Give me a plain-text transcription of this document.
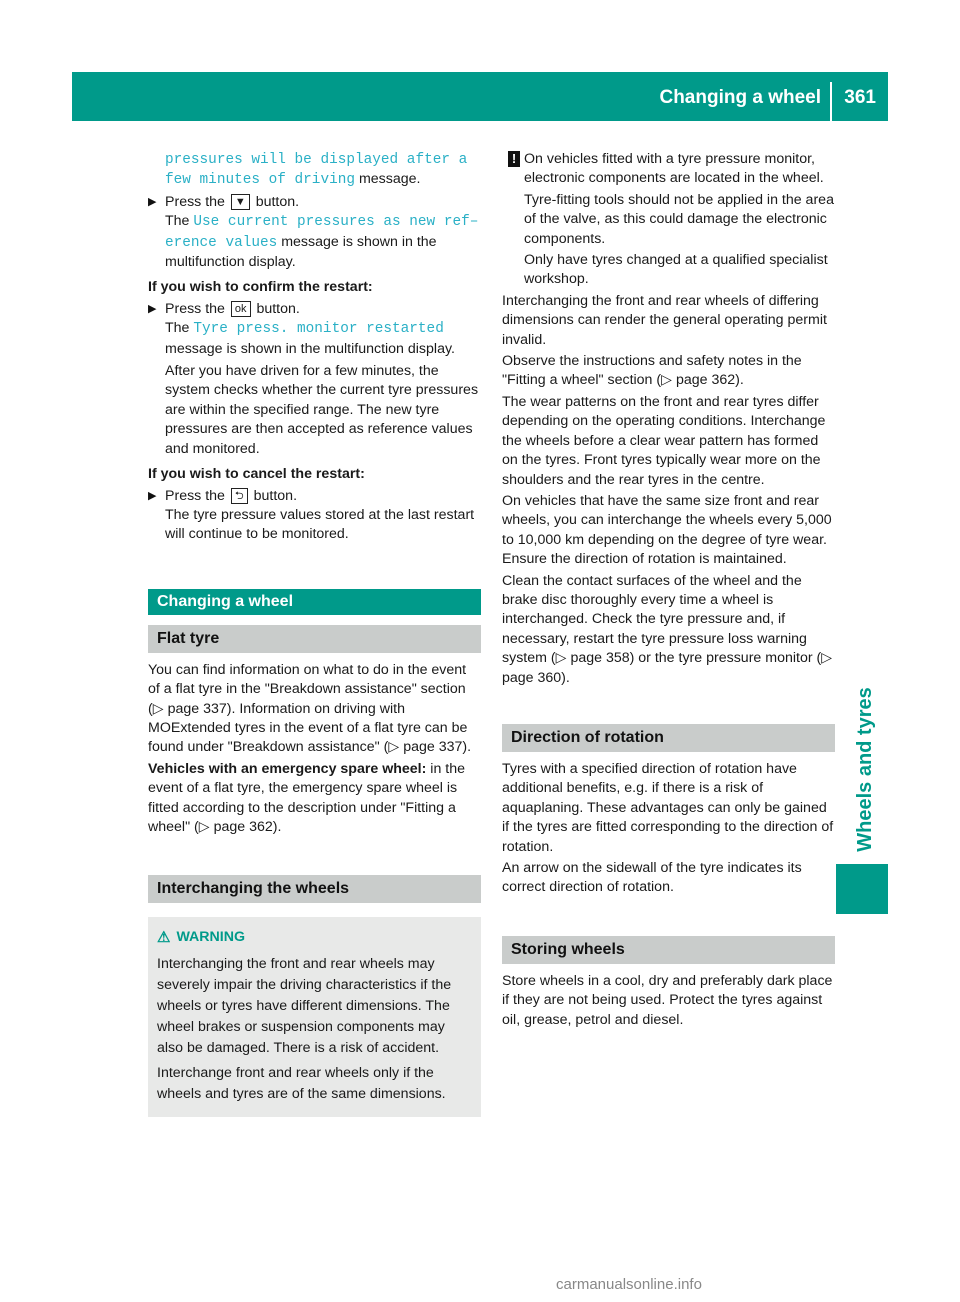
Changing a wheel 361
Wheels and tyres

pressures will be displayed after a
few minutes of driving message.

▶ Press the ▼ button.
The Use current pressures as new ref–
erence values message is shown in the multifunction display.

If you wish to confirm the restart:

▶ Press the ok button.
The Tyre press. monitor restarted message is shown in the multifunction display.

After you have driven for a few minutes, the system checks whether the current tyre pressures are within the specified range. The new tyre pressures are then accepted as reference values and monitored.

If you wish to cancel the restart:

▶ Press the ⮌ button.
The tyre pressure values stored at the last restart will continue to be monitored.
Changing a wheel
Flat tyre

You can find information on what to do in the event of a flat tyre in the "Breakdown assistance" section (▷ page 337). Information on driving with MOExtended tyres in the event of a flat tyre can be found under "Breakdown assistance" (▷ page 337).

Vehicles with an emergency spare wheel: in the event of a flat tyre, the emergency spare wheel is fitted according to the description under "Fitting a wheel" (▷ page 362).

Interchanging the wheels
⚠ WARNING

Interchanging the front and rear wheels may severely impair the driving characteristics if the wheels or tyres have different dimensions. The wheel brakes or suspension components may also be damaged. There is a risk of accident.

Interchange front and rear wheels only if the wheels and tyres are of the same dimensions.

! On vehicles fitted with a tyre pressure monitor, electronic components are located in the wheel.

Tyre-fitting tools should not be applied in the area of the valve, as this could damage the electronic components.

Only have tyres changed at a qualified specialist workshop.

Interchanging the front and rear wheels of differing dimensions can render the general operating permit invalid.

Observe the instructions and safety notes in the "Fitting a wheel" section (▷ page 362).

The wear patterns on the front and rear tyres differ depending on the operating conditions. Interchange the wheels before a clear wear pattern has formed on the tyres. Front tyres typically wear more on the shoulders and the rear tyres in the centre.

On vehicles that have the same size front and rear wheels, you can interchange the wheels every 5,000 to 10,000 km depending on the degree of tyre wear. Ensure the direction of rotation is maintained.

Clean the contact surfaces of the wheel and the brake disc thoroughly every time a wheel is interchanged. Check the tyre pressure and, if necessary, restart the tyre pressure loss warning system (▷ page 358) or the tyre pressure monitor (▷ page 360).

Direction of rotation

Tyres with a specified direction of rotation have additional benefits, e.g. if there is a risk of aquaplaning. These advantages can only be gained if the tyres are fitted corresponding to the direction of rotation.

An arrow on the sidewall of the tyre indicates its correct direction of rotation.

Storing wheels

Store wheels in a cool, dry and preferably dark place if they are not being used. Protect the tyres against oil, grease, petrol and diesel.

carmanualsonline.info
